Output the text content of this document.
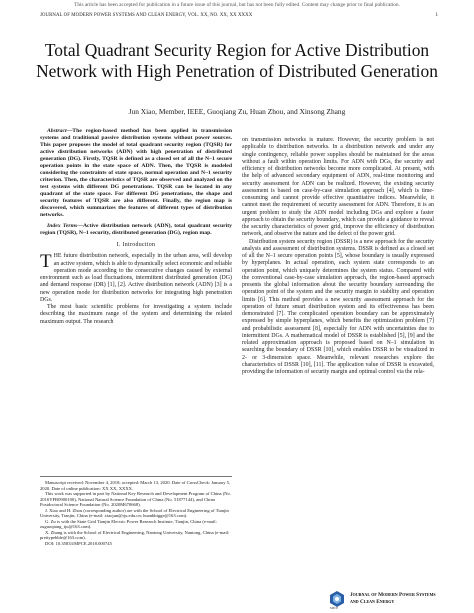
This article has been accepted for publication in a future issue of this journal, but has not been fully edited. Content may change prior to final publication.
JOURNAL OF MODERN POWER SYSTEMS AND CLEAN ENERGY, VOL. XX, NO. XX, XX XXXX	1
Total Quadrant Security Region for Active Distribution Network with High Penetration of Distributed Generation
Jun Xiao, Member, IEEE, Guoqiang Zu, Huan Zhou, and Xinsong Zhang

Abstract—The region-based method has been applied in transmission systems and traditional passive distribution systems without power sources. This paper proposes the model of total quadrant security region (TQSR) for active distribution networks (ADN) with high penetration of distributed generation (DG). Firstly, TQSR is defined as a closed set of all the N–1 secure operation points in the state space of ADN. Then, the TQSR is modeled considering the constraints of state space, normal operation and N–1 security criterion. Then, the characteristics of TQSR are observed and analyzed on the test systems with different DG penetrations. TQSR can be located in any quadrant of the state space. For different DG penetrations, the shape and security features of TQSR are also different. Finally, the region map is discovered, which summarizes the features of different types of distribution networks.

Index Terms—Active distribution network (ADN), total quadrant security region (TQSR), N–1 security, distributed generation (DG), region map.

I. Introduction

THE future distribution network, especially in the urban area, will develop an active system, which is able to dynamically select economic and reliable operation mode according to the consecutive changes caused by external environment such as load fluctuations, intermittent distributed generation (DG) and demand response (DR) [1], [2]. Active distribution network (ADN) [3] is a new operation mode for distribution networks for integrating high penetration DGs.

The most basic scientific problems for investigating a system include describing the maximum range of the system and determining the related maximum output. The research

Manuscript received: November 4, 2018; accepted: March 13, 2020. Date of CrossCheck: January 5, 2020. Date of online publication: XX XX, XXXX.

This work was supported in part by National Key Research and Development Program of China (No. 2016YFB0900100), National Natural Science Foundation of China (No. 51877144), and China Postdoctoral Science Foundation (No. 2020M670668).

J. Xiao and H. Zhou (corresponding author) are with the School of Electrical Engineering of Tianjin University, Tianjin, China (e-mail: xiaojun@tju.edu.cn; huanbbigge@163.com).

G. Zu is with the State Grid Tianjin Electric Power Research Institute, Tianjin, China (e-mail: zuguoqiang_tju@163.com).

X. Zhang is with the School of Electrical Engineering, Nantong University, Nantong, China (e-mail: prettypebble@163.com).

DOI: 10.35833/MPCE.2018.000745

on transmission networks is mature. However, the security problem is not applicable to distribution networks. In a distribution network and under any single contingency, reliable power supplies should be maintained for the areas without a fault within operation limits. For ADN with DGs, the security and efficiency of distribution networks become more complicated. At present, with the help of advanced secondary equipment of ADN, real-time monitoring and security assessment for ADN can be realized. However, the existing security assessment is based on case-by-case simulation approach [4], which is time-consuming and cannot provide effective quantitative indices. Meanwhile, it cannot meet the requirement of security assessment for ADN. Therefore, it is an urgent problem to study the ADN model including DGs and explore a faster approach to obtain the security boundary, which can provide a guidance to reveal the security characteristics of power grid, improve the efficiency of distribution network, and observe the nature and the defect of the power grid.

Distribution system security region (DSSR) is a new approach for the security analysis and assessment of distribution systems. DSSR is defined as a closed set of all the N–1 secure operation points [5], whose boundary is usually expressed by hyperplanes. In actual operation, each system state corresponds to an operation point, which uniquely determines the system status. Compared with the conventional case-by-case simulation approach, the region-based approach presents the global information about the security boundary surrounding the operation point of the system and the security margin to stability and operation limits [6]. This method provides a new security assessment approach for the operation of future smart distribution system and its effectiveness has been demonstrated [7]. The complicated operation boundary can be approximately expressed by simple hyperplanes, which benefits the optimization problem [7] and probabilistic assessment [8], especially for ADN with uncertainties due to intermittent DGs. A mathematical model of DSSR is established [5], [9] and the related approximation approach is proposed based on N–1 simulation in searching the boundary of DSSR [10], which enables DSSR to be visualized in 2- or 3-dimension space. Meanwhile, relevant researches explore the characteristics of DSSR [10], [11]. The application value of DSSR is excavated, providing the information of security margin and optimal control via the rela-

Journal of Modern Power Systems
and Clean Energy
MPCE
